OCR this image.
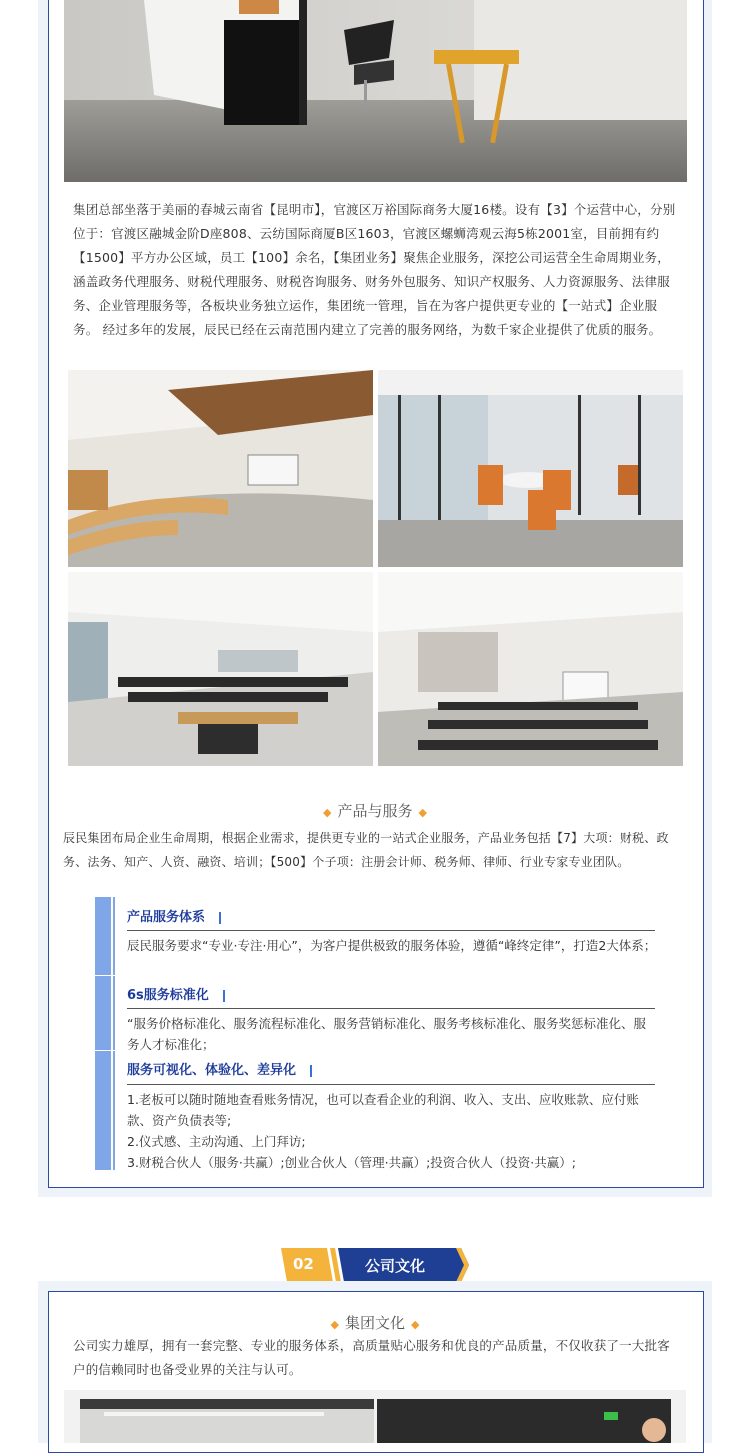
集团总部坐落于美丽的春城云南省【昆明市】，官渡区万裕国际商务大厦16楼。设有【3】个运营中心，分别位于：官渡区融城金阶D座808、云纺国际商厦B区1603，官渡区螺蛳湾观云海5栋2001室，目前拥有约【1500】平方办公区域，员工【100】余名，【集团业务】聚焦企业服务，深挖公司运营全生命周期业务，涵盖政务代理服务、财税代理服务、财税咨询服务、财务外包服务、知识产权服务、人力资源服务、法律服务、企业管理服务等，各板块业务独立运作，集团统一管理，旨在为客户提供更专业的【一站式】企业服务。 经过多年的发展，辰民已经在云南范围内建立了完善的服务网络，为数千家企业提供了优质的服务。
◆ 产品与服务 ◆
辰民集团布局企业生命周期，根据企业需求，提供更专业的一站式企业服务，产品业务包括【7】大项：财税、政务、法务、知产、人资、融资、培训；【500】个子项：注册会计师、税务师、律师、行业专家专业团队。
产品服务体系
辰民服务要求“专业·专注·用心”，为客户提供极致的服务体验，遵循“峰终定律”，打造2大体系；
6s服务标准化
“服务价格标准化、服务流程标准化、服务营销标准化、服务考核标准化、服务奖惩标准化、服务人才标准化；
服务可视化、体验化、差异化
1.老板可以随时随地查看账务情况，也可以查看企业的利润、收入、支出、应收账款、应付账款、资产负债表等;
2.仪式感、主动沟通、上门拜访;
3.财税合伙人（服务·共赢）;创业合伙人（管理·共赢）;投资合伙人（投资·共赢）;
02	公司文化
◆ 集团文化 ◆
公司实力雄厚，拥有一套完整、专业的服务体系，高质量贴心服务和优良的产品质量，不仅收获了一大批客户的信赖同时也备受业界的关注与认可。
